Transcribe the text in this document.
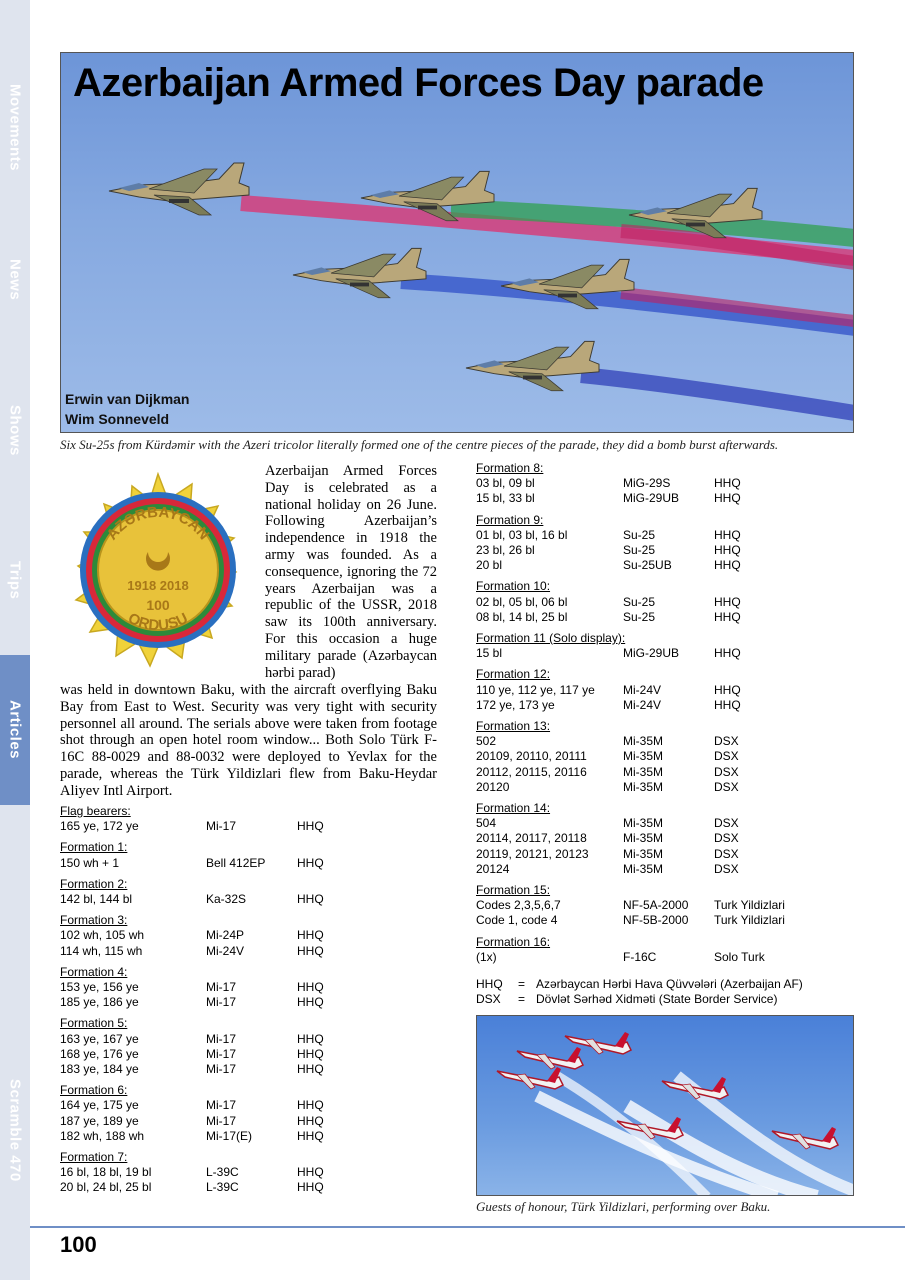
Movements
News
Shows
Trips
Articles
Scramble 470
Azerbaijan Armed Forces Day parade
Erwin van Dijkman
Wim Sonneveld
Six Su-25s from Kürdəmir with the Azeri tricolor literally formed one of the centre pieces of the parade, they did a bomb burst afterwards.
AZƏRBAYCAN
ORDUSU
1918 2018
100
Azerbaijan Armed Forces Day is celebrated as a national holiday on 26 June. Following Azerbaijan’s independence in 1918 the army was founded. As a consequence, ignoring the 72 years Azerbaijan was a republic of the USSR, 2018 saw its 100th anniversary. For this occasion a huge military parade (Azərbaycan hərbi parad)
was held in downtown Baku, with the aircraft overflying Baku Bay from East to West. Security was very tight with security personnel all around. The serials above were taken from footage shot through an open hotel room window... Both Solo Türk F-16C 88-0029 and 88-0032 were deployed to Yevlax for the parade, whereas the Türk Yildizlari flew from Baku-Heydar Aliyev Intl Airport.
Flag bearers:
165 ye, 172 ye	Mi-17	HHQ
Formation 1:
150 wh + 1	Bell 412EP	HHQ
Formation 2:
142 bl, 144 bl	Ka-32S	HHQ
Formation 3:
102 wh, 105 wh	Mi-24P	HHQ
114 wh, 115 wh	Mi-24V	HHQ
Formation 4:
153 ye, 156 ye	Mi-17	HHQ
185 ye, 186 ye	Mi-17	HHQ
Formation 5:
163 ye, 167 ye	Mi-17	HHQ
168 ye, 176 ye	Mi-17	HHQ
183 ye, 184 ye	Mi-17	HHQ
Formation 6:
164 ye, 175 ye	Mi-17	HHQ
187 ye, 189 ye	Mi-17	HHQ
182 wh, 188 wh	Mi-17(E)	HHQ
Formation 7:
16 bl, 18 bl, 19 bl	L-39C	HHQ
20 bl, 24 bl, 25 bl	L-39C	HHQ
Formation 8:
03 bl, 09 bl	MiG-29S	HHQ
15 bl, 33 bl	MiG-29UB	HHQ
Formation 9:
01 bl, 03 bl, 16 bl	Su-25	HHQ
23 bl, 26 bl	Su-25	HHQ
20 bl	Su-25UB	HHQ
Formation 10:
02 bl, 05 bl, 06 bl	Su-25	HHQ
08 bl, 14 bl, 25 bl	Su-25	HHQ
Formation 11 (Solo display):
15 bl	MiG-29UB	HHQ
Formation 12:
110 ye, 112 ye, 117 ye	Mi-24V	HHQ
172 ye, 173 ye	Mi-24V	HHQ
Formation 13:
502	Mi-35M	DSX
20109, 20110, 20111	Mi-35M	DSX
20112, 20115, 20116	Mi-35M	DSX
20120	Mi-35M	DSX
Formation 14:
504	Mi-35M	DSX
20114, 20117, 20118	Mi-35M	DSX
20119, 20121, 20123	Mi-35M	DSX
20124	Mi-35M	DSX
Formation 15:
Codes 2,3,5,6,7	NF-5A-2000	Turk Yildizlari
Code 1, code 4	NF-5B-2000	Turk Yildizlari
Formation 16:
(1x)	F-16C	Solo Turk
HHQ	= Azərbaycan Hərbi Hava Qüvvələri (Azerbaijan AF)
DSX	= Dövlət Sərhəd Xidməti (State Border Service)
Guests of honour, Türk Yildizlari, performing over Baku.
100
